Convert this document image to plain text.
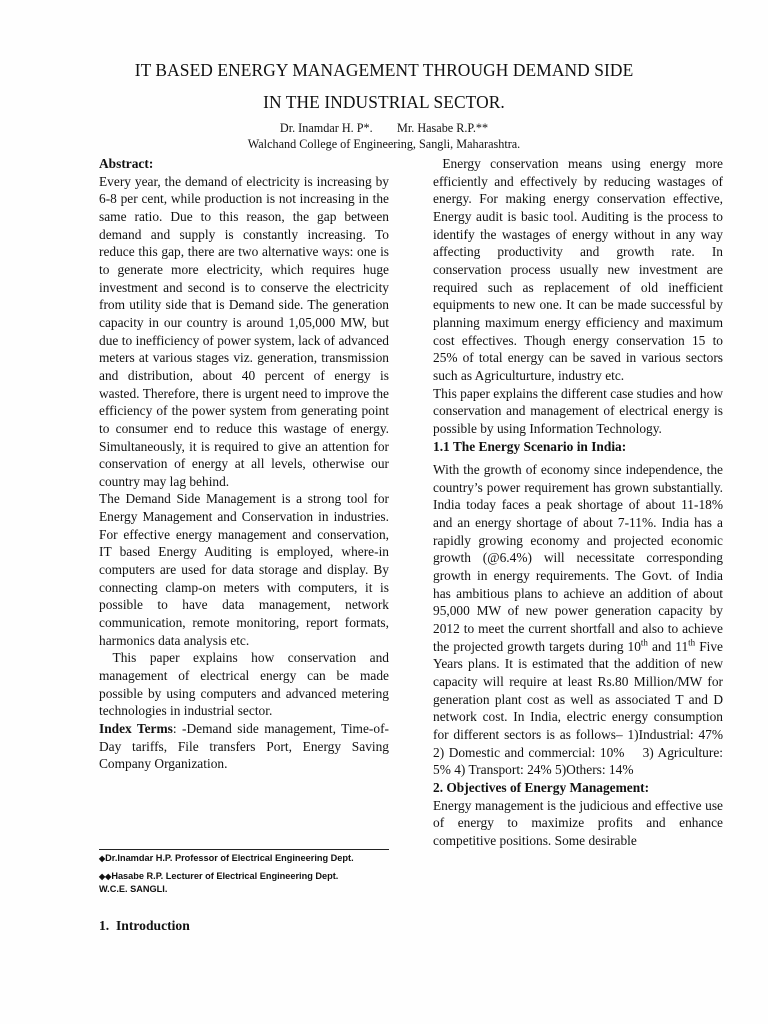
IT BASED ENERGY MANAGEMENT THROUGH DEMAND SIDE
IN THE INDUSTRIAL SECTOR.
Dr. Inamdar H. P*.        Mr. Hasabe R.P.**
Walchand College of Engineering, Sangli, Maharashtra.

Abstract:

Every year, the demand of electricity is increasing by 6-8 per cent, while production is not increasing in the same ratio. Due to this reason, the gap between demand and supply is constantly increasing. To reduce this gap, there are two alternative ways: one is to generate more electricity, which requires huge investment and second is to conserve the electricity from utility side that is Demand side. The generation capacity in our country is around 1,05,000 MW, but due to inefficiency of power system, lack of advanced meters at various stages viz. generation, transmission and distribution, about 40 percent of energy is wasted. Therefore, there is urgent need to improve the efficiency of the power system from generating point to consumer end to reduce this wastage of energy. Simultaneously, it is required to give an attention for conservation of energy at all levels, otherwise our country may lag behind.

The Demand Side Management is a strong tool for Energy Management and Conservation in industries. For effective energy management and conservation, IT based Energy Auditing is employed, where-in computers are used for data storage and display. By connecting clamp-on meters with computers, it is possible to have data management, network communication, remote monitoring, report formats, harmonics data analysis etc.

This paper explains how conservation and management of electrical energy can be made possible by using computers and advanced metering technologies in industrial sector.

Index Terms: -Demand side management, Time-of-Day tariffs, File transfers Port, Energy Saving Company Organization.

◆Dr.Inamdar H.P. Professor of Electrical Engineering Dept.

◆◆Hasabe R.P. Lecturer of Electrical Engineering Dept.

W.C.E. SANGLI.

1.  Introduction

Energy conservation means using energy more efficiently and effectively by reducing wastages of energy. For making energy conservation effective, Energy audit is basic tool. Auditing is the process to identify the wastages of energy without in any way affecting productivity and growth rate. In conservation process usually new investment are required such as replacement of old inefficient equipments to new one. It can be made successful by planning maximum energy efficiency and maximum cost effectives. Though energy conservation 15 to 25% of total energy can be saved in various sectors such as Agriculturture, industry etc.

This paper explains the different case studies and how conservation and management of electrical energy is possible by using Information Technology.

1.1 The Energy Scenario in India:

With the growth of economy since independence, the country’s power requirement has grown substantially. India today faces a peak shortage of about 11-18% and an energy shortage of about 7-11%. India has a rapidly growing economy and projected economic growth (@6.4%) will necessitate corresponding growth in energy requirements. The Govt. of India has ambitious plans to achieve an addition of about 95,000 MW of new power generation capacity by 2012 to meet the current shortfall and also to achieve the projected growth targets during 10th and 11th Five Years plans. It is estimated that the addition of new capacity will require at least Rs.80 Million/MW for generation plant cost as well as associated T and D network cost. In India, electric energy consumption for different sectors is as follows– 1)Industrial: 47% 2) Domestic and commercial: 10%    3) Agriculture: 5% 4) Transport: 24% 5)Others: 14%

2. Objectives of Energy Management:

Energy management is the judicious and effective use of energy to maximize profits and enhance competitive positions. Some desirable
